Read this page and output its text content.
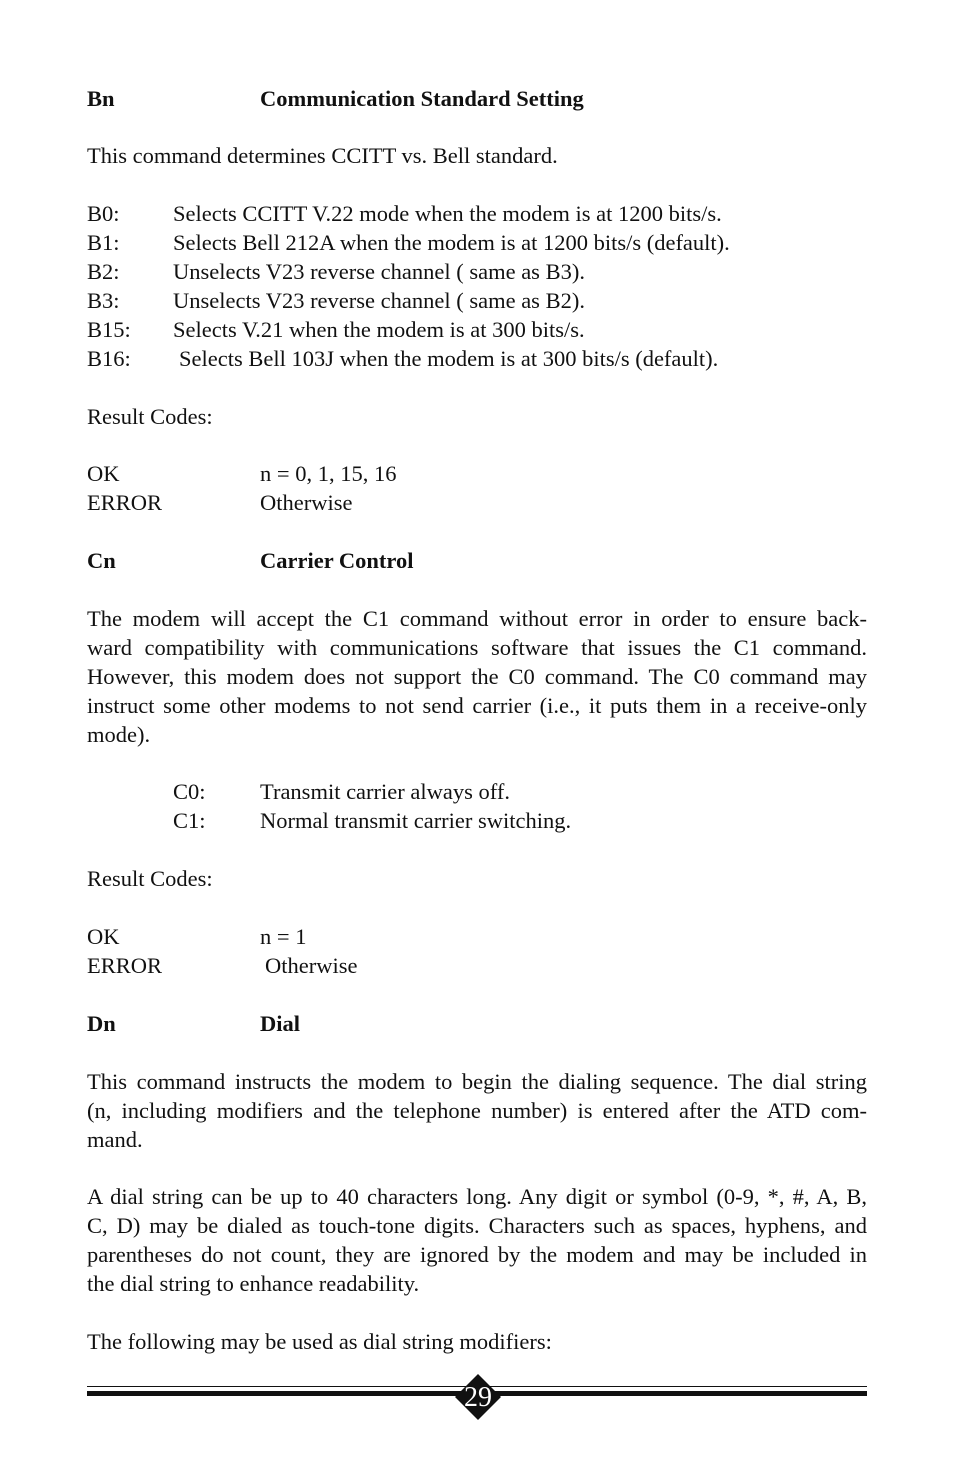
Bn	Communication Standard Setting
This command determines CCITT vs. Bell standard.
B0: Selects CCITT V.22 mode when the modem is at 1200 bits/s.
B1: Selects Bell 212A when the modem is at 1200 bits/s (default).
B2: Unselects V23 reverse channel ( same as B3).
B3: Unselects V23 reverse channel ( same as B2).
B15: Selects V.21 when the modem is at 300 bits/s.
B16: Selects Bell 103J when the modem is at 300 bits/s (default).
Result Codes:
OK	n = 0, 1, 15, 16
ERROR	Otherwise
Cn	Carrier Control
The modem will accept the C1 command without error in order to ensure back-
ward compatibility with communications software that issues the C1 command.
However, this modem does not support the C0 command. The C0 command may
instruct some other modems to not send carrier (i.e., it puts them in a receive-only
mode).
C0: Transmit carrier always off.
C1: Normal transmit carrier switching.
Result Codes:
OK	n = 1
ERROR	Otherwise
Dn	Dial
This command instructs the modem to begin the dialing sequence. The dial string
(n, including modifiers and the telephone number) is entered after the ATD com-
mand.
A dial string can be up to 40 characters long. Any digit or symbol (0-9, *, #, A, B,
C, D) may be dialed as touch-tone digits. Characters such as spaces, hyphens, and
parentheses do not count, they are ignored by the modem and may be included in
the dial string to enhance readability.
The following may be used as dial string modifiers:
29
